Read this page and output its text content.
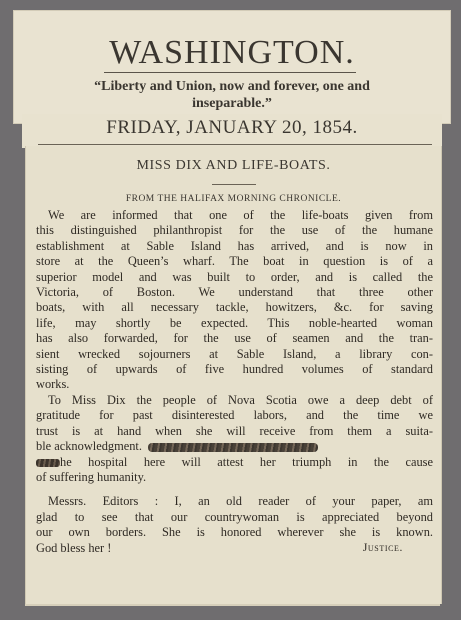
WASHINGTON.
“Liberty and Union, now and forever, one and
inseparable.”
FRIDAY, JANUARY 20, 1854.
MISS DIX AND LIFE-BOATS.
FROM THE HALIFAX MORNING CHRONICLE.

We are informed that one of the life-boats given from
this distinguished philanthropist for the use of the humane
establishment at Sable Island has arrived, and is now in
store at the Queen’s wharf. The boat in question is of a
superior model and was built to order, and is called the
Victoria, of Boston. We understand that three other
boats, with all necessary tackle, howitzers, &c. for saving
life, may shortly be expected. This noble-hearted woman
has also forwarded, for the use of seamen and the tran-
sient wrecked sojourners at Sable Island, a library con-
sisting of upwards of five hundred volumes of standard
works.

To Miss Dix the people of Nova Scotia owe a deep debt of
gratitude for past disinterested labors, and the time we
trust is at hand when she will receive from them a suita-
ble acknowledgment.
he hospital here will attest her triumph in the cause
of suffering humanity.

Messrs. Editors : I, an old reader of your paper, am
glad to see that our countrywoman is appreciated beyond
our own borders. She is honored wherever she is known.
God bless her !	Justice.
